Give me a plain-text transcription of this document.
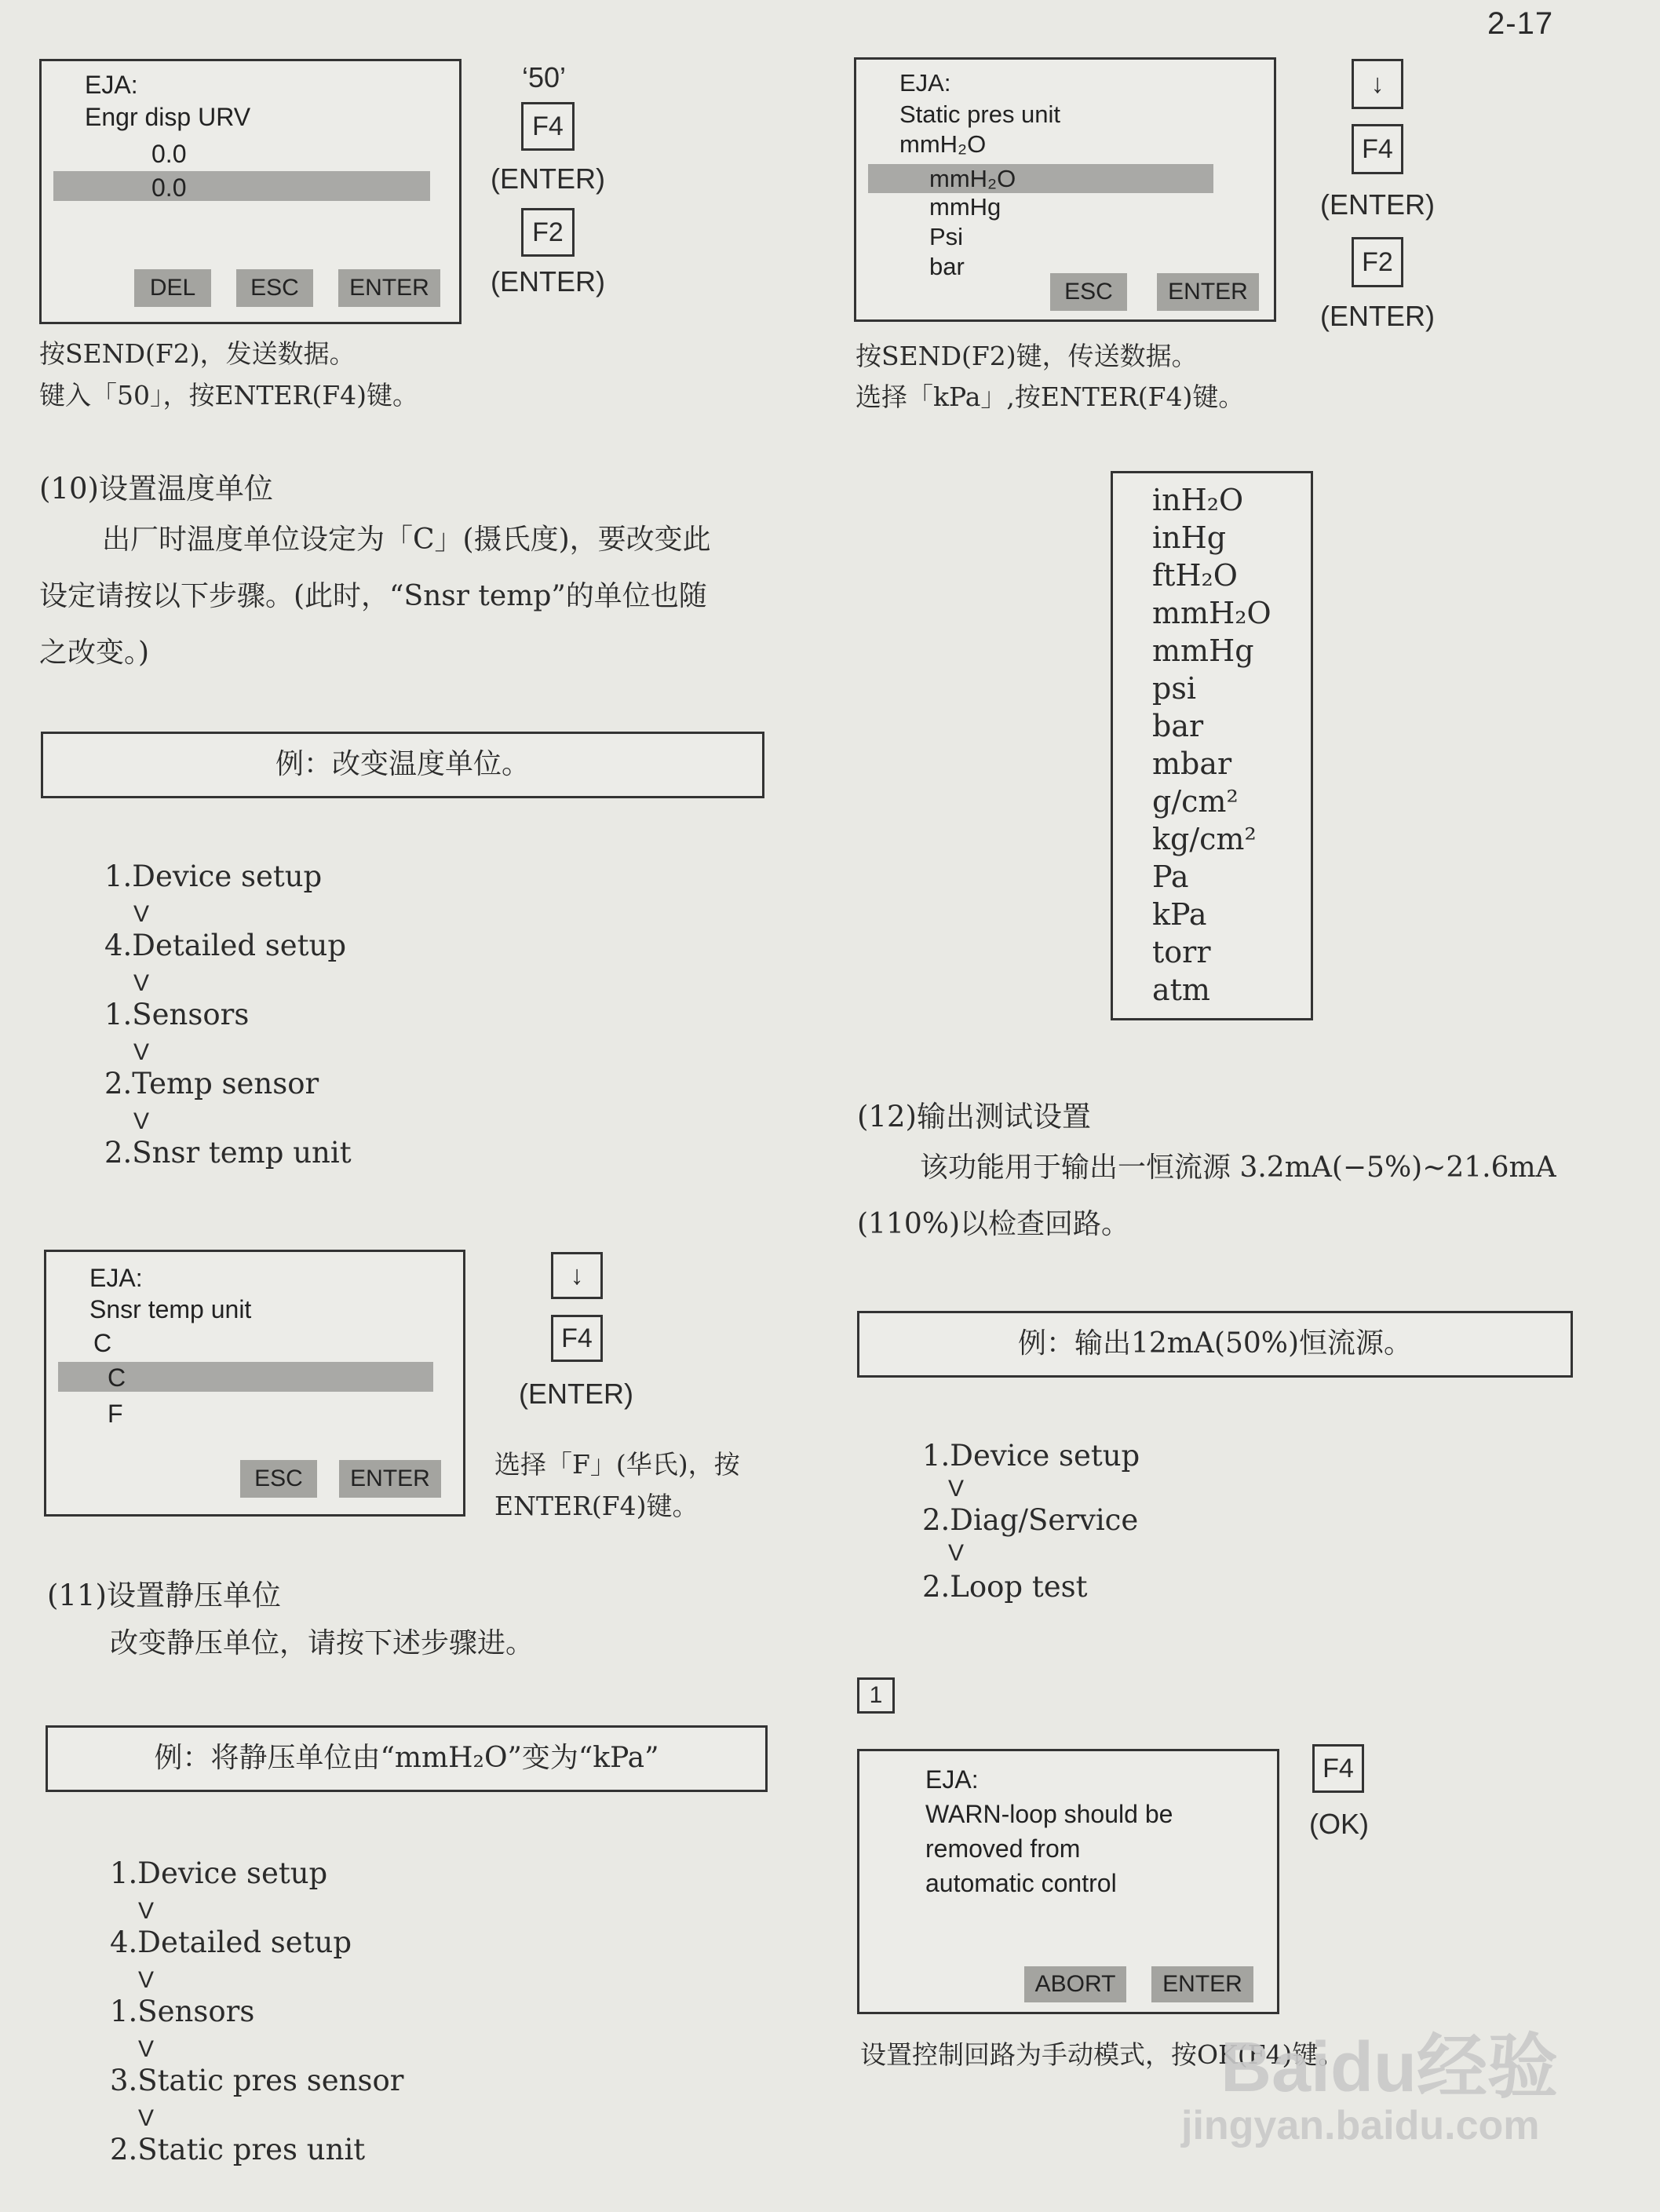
2-17
EJA:
Engr disp URV
0.0
0.0
DEL	ESC	ENTER
‘50’
F4
(ENTER)
F2
(ENTER)
按SEND(F2)，发送数据。
键入「50」，按ENTER(F4)键。
(10)设置温度单位
出厂时温度单位设定为「C」(摄氏度)，要改变此
设定请按以下步骤。(此时，“Snsr temp”的单位也随
之改变。)
例：改变温度单位。
1.Device setup
V
4.Detailed setup
V
1.Sensors
V
2.Temp sensor
V
2.Snsr temp unit
EJA:
Snsr temp unit
C
C
F
ESC	ENTER
↓
F4
(ENTER)
选择「F」(华氏)，按
ENTER(F4)键。
(11)设置静压单位
改变静压单位，请按下述步骤进。
例：将静压单位由“mmH₂O”变为“kPa”
1.Device setup
V
4.Detailed setup
V
1.Sensors
V
3.Static pres sensor
V
2.Static pres unit
EJA:
Static pres unit
mmH₂O
mmH₂O
mmHg
Psi
bar
ESC	ENTER
↓
F4
(ENTER)
F2
(ENTER)
按SEND(F2)键，传送数据。
选择「kPa」,按ENTER(F4)键。
inH₂O
inHg
ftH₂O
mmH₂O
mmHg
psi
bar
mbar
g/cm²
kg/cm²
Pa
kPa
torr
atm
(12)输出测试设置
该功能用于输出一恒流源 3.2mA(−5%)~21.6mA
(110%)以检查回路。
例：输出12mA(50%)恒流源。
1.Device setup
V
2.Diag/Service
V
2.Loop test
1
EJA:
WARN-loop should be
removed from
automatic control
ABORT	ENTER
F4
(OK)
设置控制回路为手动模式，按OK(F4)键。
Baidu经验
jingyan.baidu.com
